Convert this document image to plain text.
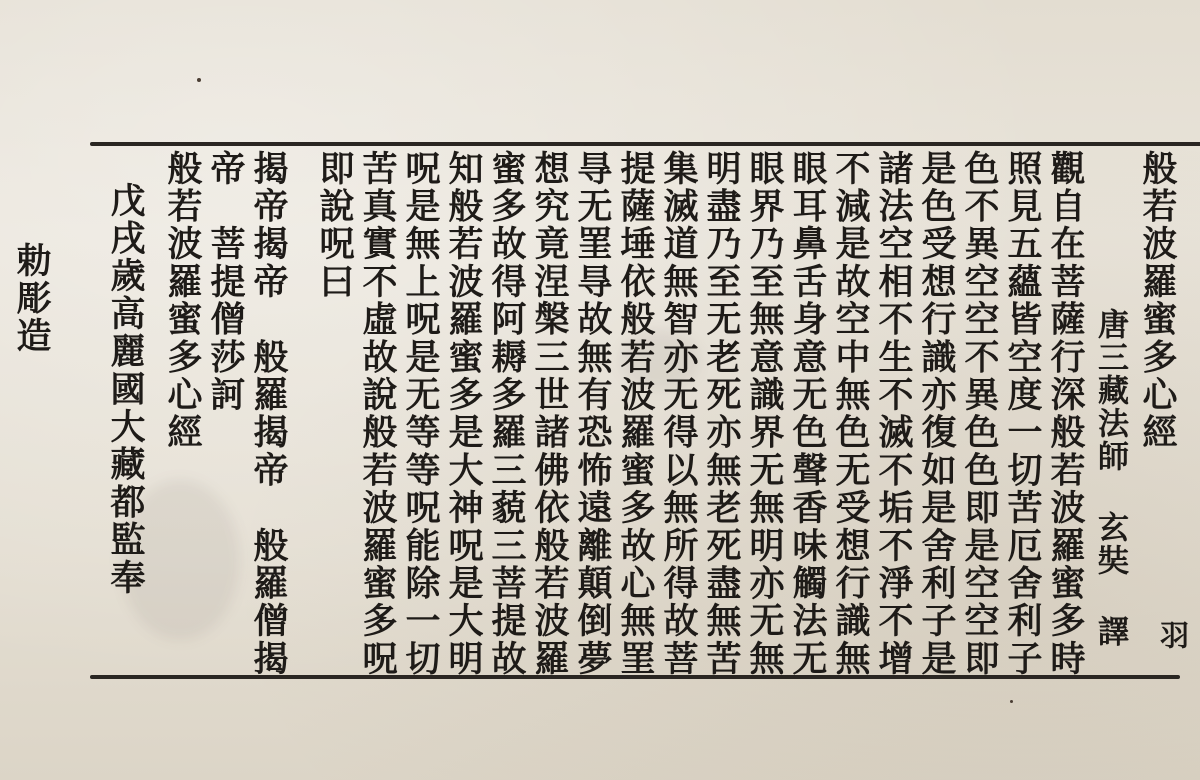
羽
般若波羅蜜多心經
唐三藏法師 玄奘 譯
觀自在菩薩行深般若波羅蜜多時
照見五蘊皆空度一切苦厄舍利子
色不異空空不異色色即是空空即
是色受想行識亦復如是舍利子是
諸法空相不生不滅不垢不淨不增
不減是故空中無色无受想行識無
眼耳鼻舌身意无色聲香味觸法无
眼界乃至無意識界无無明亦无無
明盡乃至无老死亦無老死盡無苦
集滅道無智亦无得以無所得故菩
提薩埵依般若波羅蜜多故心無罣
㝵无罣㝵故無有恐怖遠離顛倒夢
想究竟涅槃三世諸佛依般若波羅
蜜多故得阿耨多羅三藐三菩提故
知般若波羅蜜多是大神呪是大明
呪是無上呪是无等等呪能除一切
苦真實不虛故說般若波羅蜜多呪
即說呪曰
揭帝揭帝　般羅揭帝　般羅僧揭
帝　菩提僧莎訶
般若波羅蜜多心經
戊戌歲高麗國大藏都監奉
勅彫造
